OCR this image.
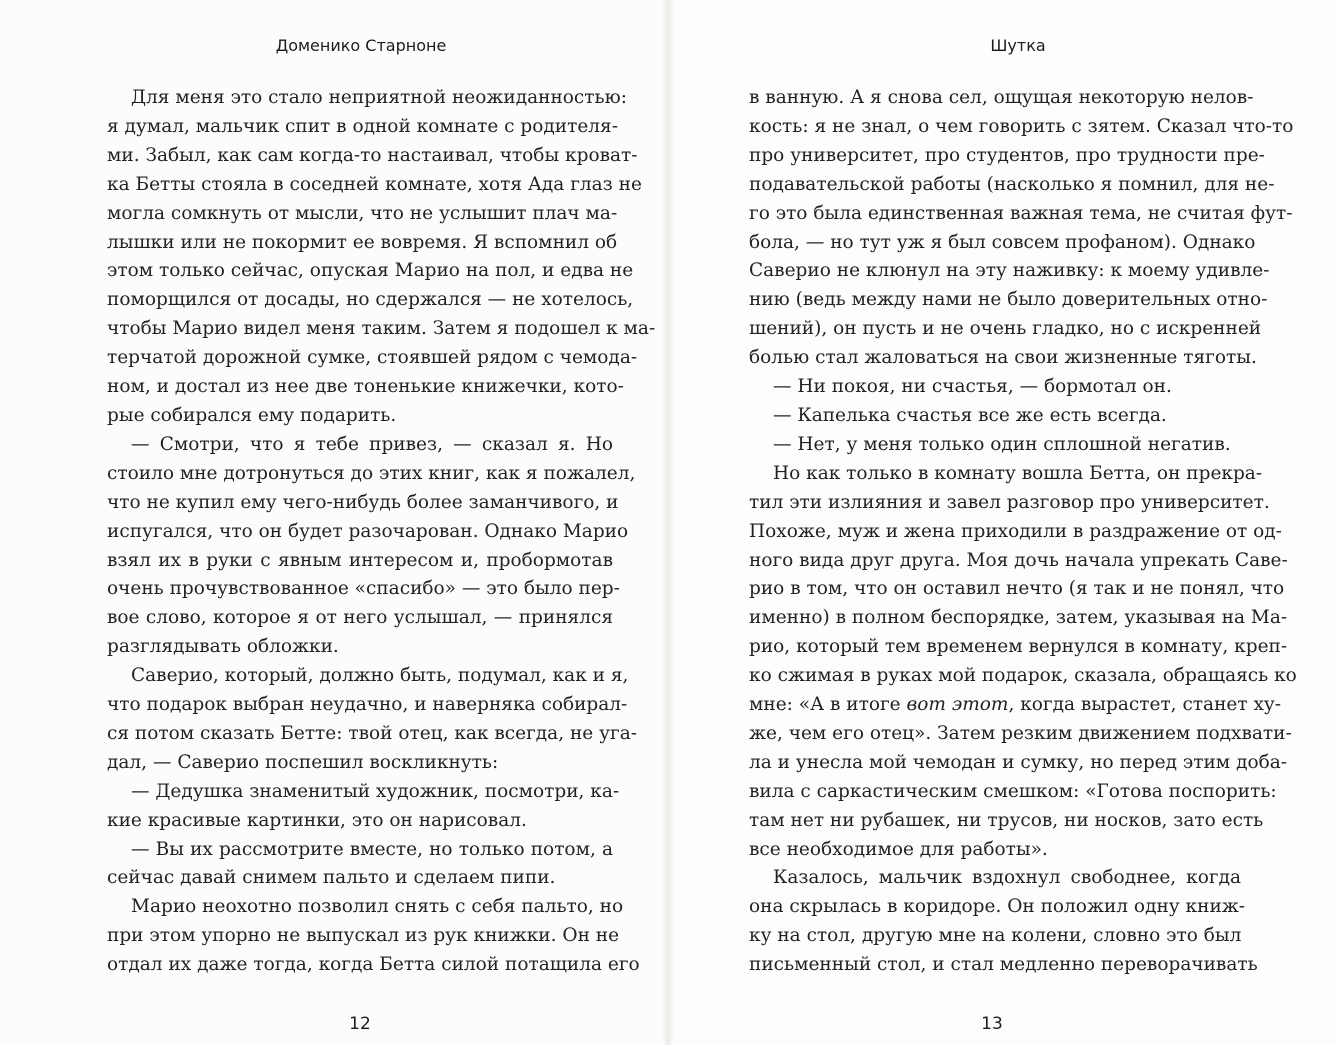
Доменико Старноне
Для меня это стало неприятной неожиданностью:
я думал, мальчик спит в одной комнате с родителя-
ми. Забыл, как сам когда-то настаивал, чтобы кроват-
ка Бетты стояла в соседней комнате, хотя Ада глаз не
могла сомкнуть от мысли, что не услышит плач ма-
лышки или не покормит ее вовремя. Я вспомнил об
этом только сейчас, опуская Марио на пол, и едва не
поморщился от досады, но сдержался — не хотелось,
чтобы Марио видел меня таким. Затем я подошел к ма-
терчатой дорожной сумке, стоявшей рядом с чемода-
ном, и достал из нее две тоненькие книжечки, кото-
рые собирался ему подарить.
— Смотри, что я тебе привез, — сказал я. Но
стоило мне дотронуться до этих книг, как я пожалел,
что не купил ему чего-нибудь более заманчивого, и
испугался, что он будет разочарован. Однако Марио
взял их в руки с явным интересом и, пробормотав
очень прочувствованное «спасибо» — это было пер-
вое слово, которое я от него услышал, — принялся
разглядывать обложки.
Саверио, который, должно быть, подумал, как и я,
что подарок выбран неудачно, и наверняка собирал-
ся потом сказать Бетте: твой отец, как всегда, не уга-
дал, — Саверио поспешил воскликнуть:
— Дедушка знаменитый художник, посмотри, ка-
кие красивые картинки, это он нарисовал.
— Вы их рассмотрите вместе, но только потом, а
сейчас давай снимем пальто и сделаем пипи.
Марио неохотно позволил снять с себя пальто, но
при этом упорно не выпускал из рук книжки. Он не
отдал их даже тогда, когда Бетта силой потащила его
12
Шутка
в ванную. А я снова сел, ощущая некоторую нелов-
кость: я не знал, о чем говорить с зятем. Сказал что-то
про университет, про студентов, про трудности пре-
подавательской работы (насколько я помнил, для не-
го это была единственная важная тема, не считая фут-
бола, — но тут уж я был совсем профаном). Однако
Саверио не клюнул на эту наживку: к моему удивле-
нию (ведь между нами не было доверительных отно-
шений), он пусть и не очень гладко, но с искренней
болью стал жаловаться на свои жизненные тяготы.
— Ни покоя, ни счастья, — бормотал он.
— Капелька счастья все же есть всегда.
— Нет, у меня только один сплошной негатив.
Но как только в комнату вошла Бетта, он прекра-
тил эти излияния и завел разговор про университет.
Похоже, муж и жена приходили в раздражение от од-
ного вида друг друга. Моя дочь начала упрекать Саве-
рио в том, что он оставил нечто (я так и не понял, что
именно) в полном беспорядке, затем, указывая на Ма-
рио, который тем временем вернулся в комнату, креп-
ко сжимая в руках мой подарок, сказала, обращаясь ко
мне: «А в итоге вот этот, когда вырастет, станет ху-
же, чем его отец». Затем резким движением подхвати-
ла и унесла мой чемодан и сумку, но перед этим доба-
вила с саркастическим смешком: «Готова поспорить:
там нет ни рубашек, ни трусов, ни носков, зато есть
все необходимое для работы».
Казалось, мальчик вздохнул свободнее, когда
она скрылась в коридоре. Он положил одну книж-
ку на стол, другую мне на колени, словно это был
письменный стол, и стал медленно переворачивать
13
